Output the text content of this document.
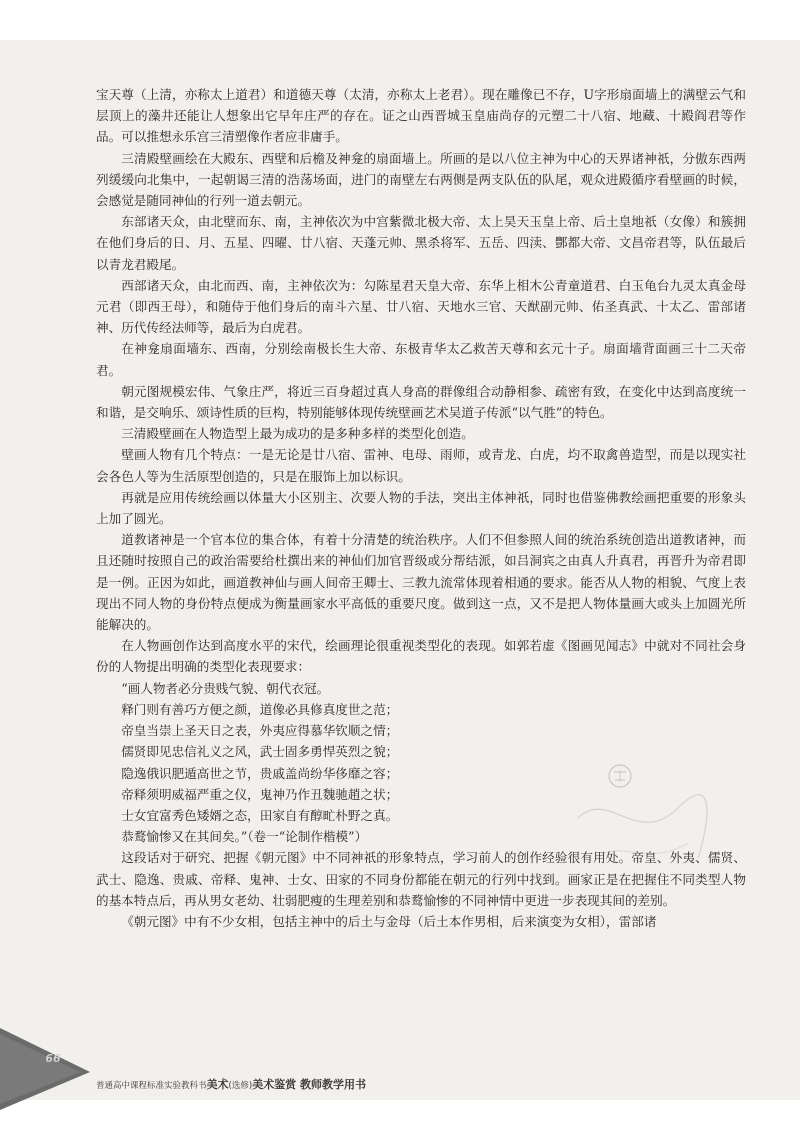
宝天尊（上清，亦称太上道君）和道德天尊（太清，亦称太上老君）。现在雕像已不存，U字形扇面墙上的满壁云气和层顶上的藻井还能让人想象出它早年庄严的存在。证之山西晋城玉皇庙尚存的元塑二十八宿、地藏、十殿阎君等作品。可以推想永乐宫三清塑像作者应非庸手。

三清殿壁画绘在大殿东、西壁和后檐及神龛的扇面墙上。所画的是以八位主神为中心的天界诸神祇，分傲东西两列缓缓向北集中，一起朝谒三清的浩荡场面，进门的南壁左右两侧是两支队伍的队尾，观众进殿循序看壁画的时候，会感觉是随同神仙的行列一道去朝元。

东部诸天众，由北壁而东、南，主神依次为中宫紫微北极大帝、太上昊天玉皇上帝、后土皇地祇（女像）和簇拥在他们身后的日、月、五星、四曜、廿八宿、天蓬元帅、黑杀将军、五岳、四渎、酆都大帝、文昌帝君等，队伍最后以青龙君殿尾。

西部诸天众，由北而西、南，主神依次为：勾陈星君天皇大帝、东华上相木公青童道君、白玉龟台九灵太真金母元君（即西王母），和随侍于他们身后的南斗六星、廿八宿、天地水三官、天猷副元帅、佑圣真武、十太乙、雷部诸神、历代传经法师等，最后为白虎君。

在神龛扇面墙东、西南，分别绘南极长生大帝、东极青华太乙救苦天尊和玄元十子。扇面墙背面画三十二天帝君。

朝元图规模宏伟、气象庄严，将近三百身超过真人身高的群像组合动静相参、疏密有致，在变化中达到高度统一和谐，是交响乐、颂诗性质的巨构，特别能够体现传统壁画艺术吴道子传派“以气胜”的特色。

三清殿壁画在人物造型上最为成功的是多种多样的类型化创造。

壁画人物有几个特点：一是无论是廿八宿、雷神、电母、雨师，或青龙、白虎，均不取禽兽造型，而是以现实社会各色人等为生活原型创造的，只是在服饰上加以标识。

再就是应用传统绘画以体量大小区别主、次要人物的手法，突出主体神祇，同时也借鉴佛教绘画把重要的形象头上加了圆光。

道教诸神是一个官本位的集合体，有着十分清楚的统治秩序。人们不但参照人间的统治系统创造出道教诸神，而且还随时按照自己的政治需要给杜撰出来的神仙们加官晋级或分帮结派，如吕洞宾之由真人升真君，再晋升为帝君即是一例。正因为如此，画道教神仙与画人间帝王卿士、三教九流常体现着相通的要求。能否从人物的相貌、气度上表现出不同人物的身份特点便成为衡量画家水平高低的重要尺度。做到这一点，又不是把人物体量画大或头上加圆光所能解决的。

在人物画创作达到高度水平的宋代，绘画理论很重视类型化的表现。如郭若虚《图画见闻志》中就对不同社会身份的人物提出明确的类型化表现要求：

“画人物者必分贵贱气貌、朝代衣冠。

释门则有善巧方便之颜，道像必具修真度世之范；

帝皇当崇上圣天日之表，外夷应得慕华钦顺之情；

儒贤即见忠信礼义之风，武士固多勇悍英烈之貌；

隐逸俄识肥遁高世之节，贵戚盖尚纷华侈靡之容；

帝释须明威福严重之仪，鬼神乃作丑魏驰趙之状；

士女宜富秀色矮婿之态，田家自有醇甿朴野之真。

恭鹜愉惨又在其间矣。”（卷一“论制作楷模”）

这段话对于研究、把握《朝元图》中不同神祇的形象特点，学习前人的创作经验很有用处。帝皇、外夷、儒贤、武士、隐逸、贵戚、帝释、鬼神、士女、田家的不同身份都能在朝元的行列中找到。画家正是在把握住不同类型人物的基本特点后，再从男女老幼、壮弱肥瘦的生理差别和恭鹜愉惨的不同神情中更进一步表现其间的差别。

《朝元图》中有不少女相，包括主神中的后土与金母（后土本作男相，后来演变为女相），雷部诸

66
普通高中课程标准实验教科书美术(选修)美术鉴赏 教师教学用书
